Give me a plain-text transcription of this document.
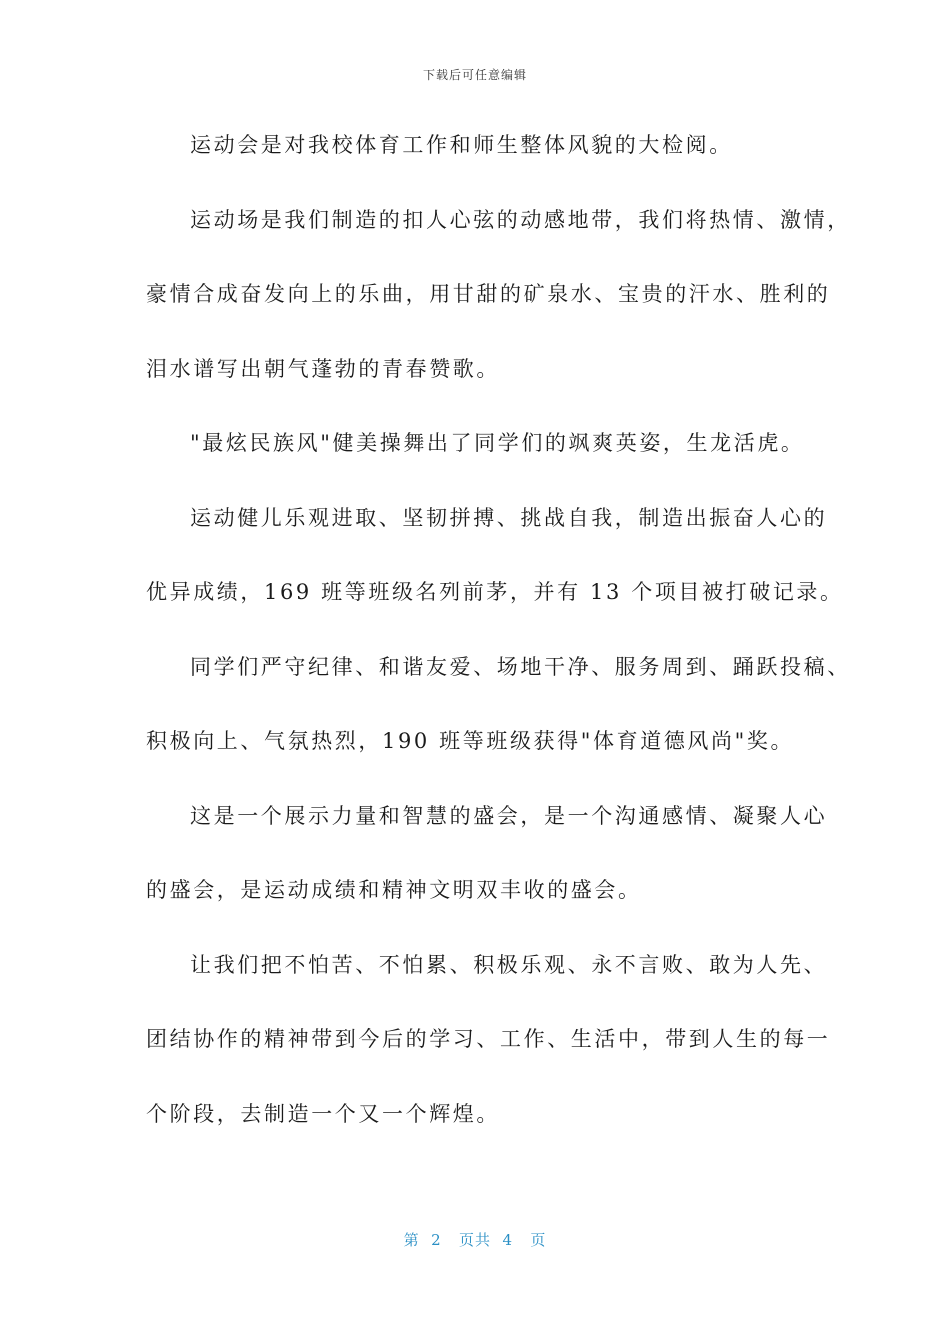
下载后可任意编辑
运动会是对我校体育工作和师生整体风貌的大检阅。
运动场是我们制造的扣人心弦的动感地带，我们将热情、激情，
豪情合成奋发向上的乐曲，用甘甜的矿泉水、宝贵的汗水、胜利的
泪水谱写出朝气蓬勃的青春赞歌。
"最炫民族风"健美操舞出了同学们的飒爽英姿，生龙活虎。
运动健儿乐观进取、坚韧拼搏、挑战自我，制造出振奋人心的
优异成绩，169 班等班级名列前茅，并有 13 个项目被打破记录。
同学们严守纪律、和谐友爱、场地干净、服务周到、踊跃投稿、
积极向上、气氛热烈，190 班等班级获得"体育道德风尚"奖。
这是一个展示力量和智慧的盛会，是一个沟通感情、凝聚人心
的盛会，是运动成绩和精神文明双丰收的盛会。
让我们把不怕苦、不怕累、积极乐观、永不言败、敢为人先、
团结协作的精神带到今后的学习、工作、生活中，带到人生的每一
个阶段，去制造一个又一个辉煌。
第  2   页共  4   页
